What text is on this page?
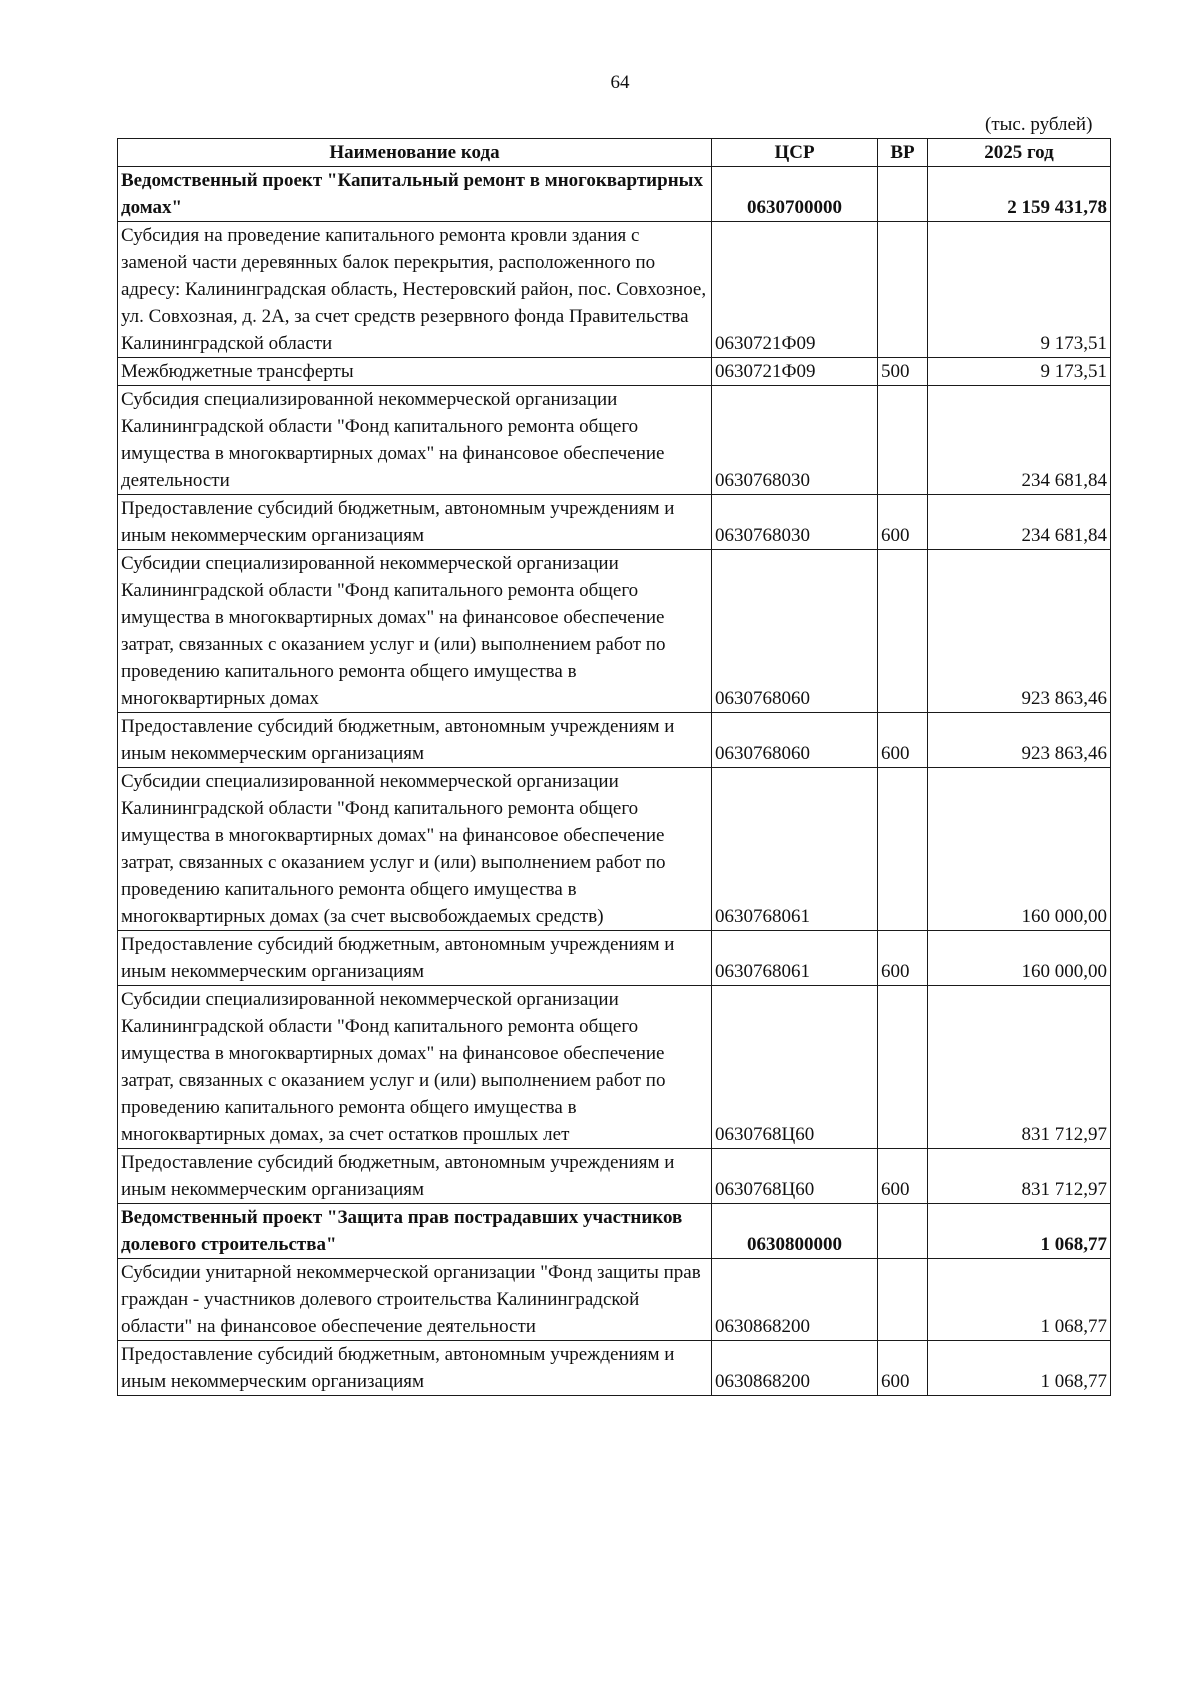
64
(тыс. рублей)
Наименование кода	ЦСР	ВР	2025 год
Ведомственный проект "Капитальный ремонт в многоквартирных домах"	0630700000		2 159 431,78
Субсидия на проведение капитального ремонта кровли здания с заменой части деревянных балок перекрытия, расположенного по адресу: Калининградская область, Нестеровский район, пос. Совхозное, ул. Совхозная, д. 2А, за счет средств резервного фонда Правительства Калининградской области	0630721Ф09		9 173,51
Межбюджетные трансферты	0630721Ф09	500	9 173,51
Субсидия специализированной некоммерческой организации Калининградской области "Фонд капитального ремонта общего имущества в многоквартирных домах" на финансовое обеспечение деятельности	0630768030		234 681,84
Предоставление субсидий бюджетным, автономным учреждениям и иным некоммерческим организациям	0630768030	600	234 681,84
Субсидии специализированной некоммерческой организации Калининградской области "Фонд капитального ремонта общего имущества в многоквартирных домах" на финансовое обеспечение затрат, связанных с оказанием услуг и (или) выполнением работ по проведению капитального ремонта общего имущества в многоквартирных домах	0630768060		923 863,46
Предоставление субсидий бюджетным, автономным учреждениям и иным некоммерческим организациям	0630768060	600	923 863,46
Субсидии специализированной некоммерческой организации Калининградской области "Фонд капитального ремонта общего имущества в многоквартирных домах" на финансовое обеспечение затрат, связанных с оказанием услуг и (или) выполнением работ по проведению капитального ремонта общего имущества в многоквартирных домах (за счет высвобождаемых средств)	0630768061		160 000,00
Предоставление субсидий бюджетным, автономным учреждениям и иным некоммерческим организациям	0630768061	600	160 000,00
Субсидии специализированной некоммерческой организации Калининградской области "Фонд капитального ремонта общего имущества в многоквартирных домах" на финансовое обеспечение затрат, связанных с оказанием услуг и (или) выполнением работ по проведению капитального ремонта общего имущества в многоквартирных домах, за счет остатков прошлых лет	0630768Ц60		831 712,97
Предоставление субсидий бюджетным, автономным учреждениям и иным некоммерческим организациям	0630768Ц60	600	831 712,97
Ведомственный проект "Защита прав пострадавших участников долевого строительства"	0630800000		1 068,77
Субсидии унитарной некоммерческой организации "Фонд защиты прав граждан - участников долевого строительства Калининградской области" на финансовое обеспечение деятельности	0630868200		1 068,77
Предоставление субсидий бюджетным, автономным учреждениям и иным некоммерческим организациям	0630868200	600	1 068,77
